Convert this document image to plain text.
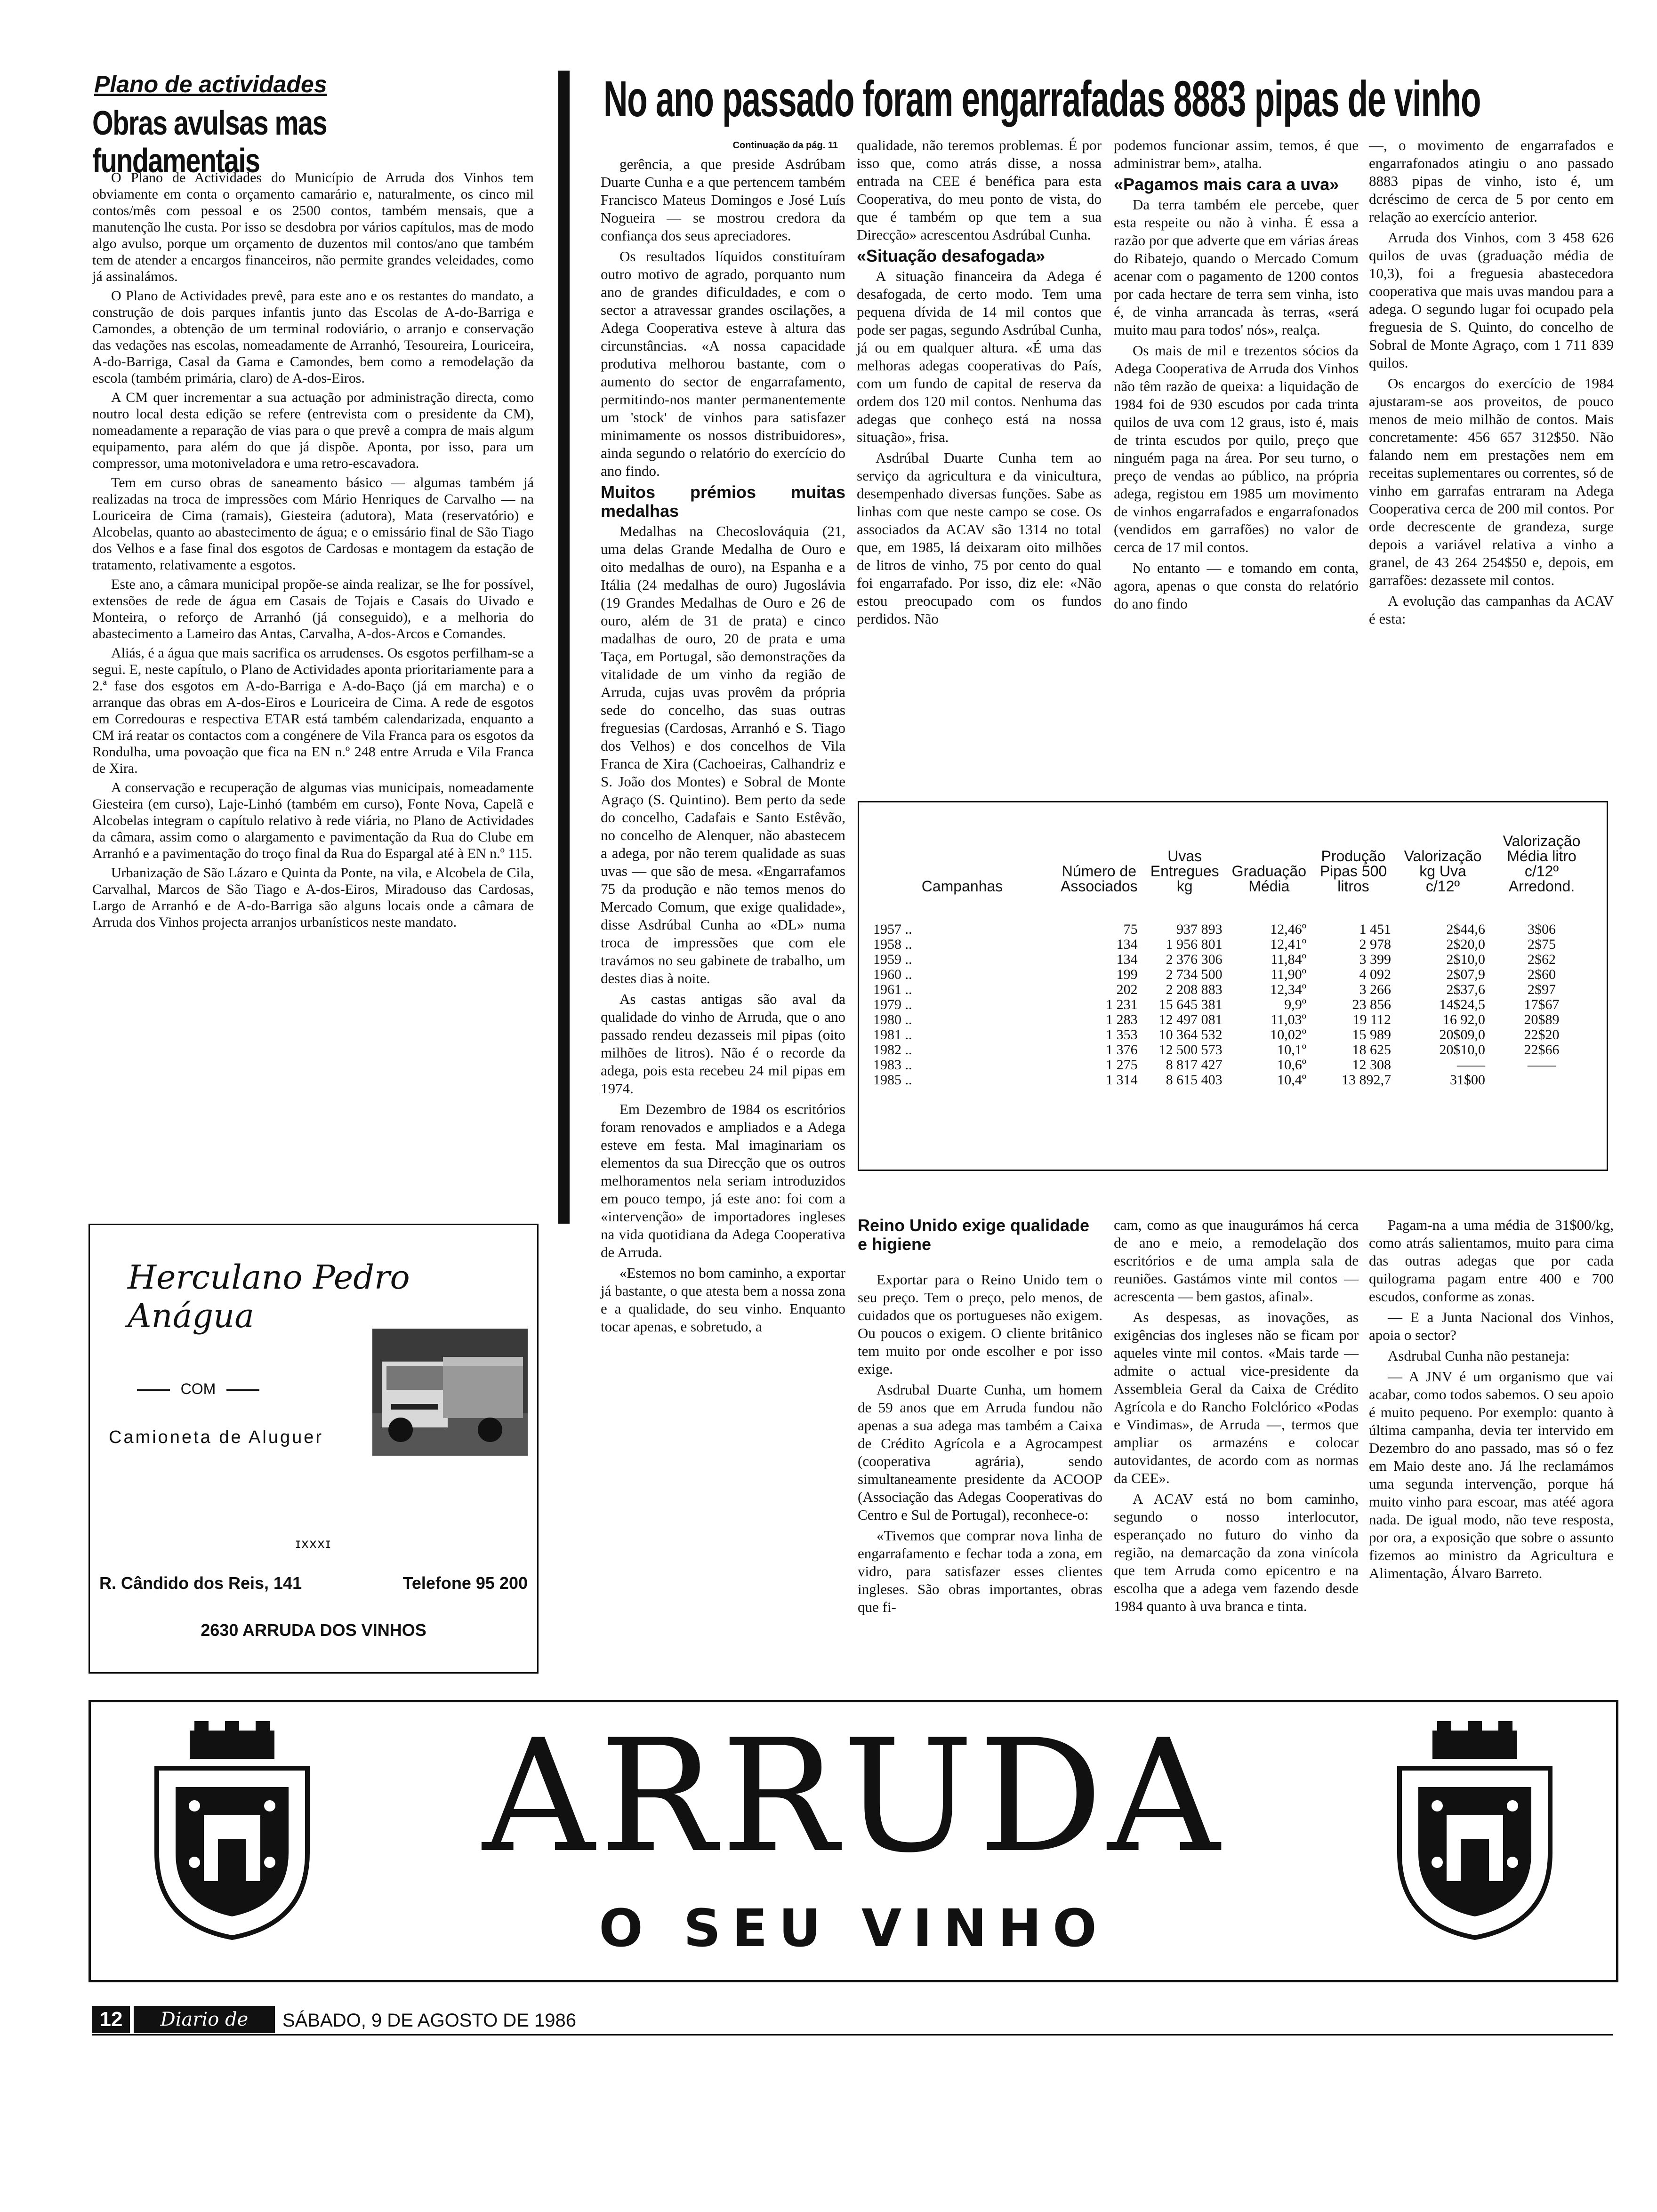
Plano de actividades
Obras avulsas mas fundamentais

O Plano de Actividades do Município de Arruda dos Vinhos tem obviamente em conta o orçamento camarário e, naturalmente, os cinco mil contos/mês com pessoal e os 2500 contos, também mensais, que a manutenção lhe custa. Por isso se desdobra por vários capítulos, mas de modo algo avulso, porque um orçamento de duzentos mil contos/ano que também tem de atender a encargos financeiros, não permite grandes veleidades, como já assinalámos.

O Plano de Actividades prevê, para este ano e os restantes do mandato, a construção de dois parques infantis junto das Escolas de A-do-Barriga e Camondes, a obtenção de um terminal rodoviário, o arranjo e conservação das vedações nas escolas, nomeadamente de Arranhó, Tesoureira, Louriceira, A-do-Barriga, Casal da Gama e Camondes, bem como a remodelação da escola (também primária, claro) de A-dos-Eiros.

A CM quer incrementar a sua actuação por administração directa, como noutro local desta edição se refere (entrevista com o presidente da CM), nomeadamente a reparação de vias para o que prevê a compra de mais algum equipamento, para além do que já dispõe. Aponta, por isso, para um compressor, uma motoniveladora e uma retro-escavadora.

Tem em curso obras de saneamento básico — algumas também já realizadas na troca de impressões com Mário Henriques de Carvalho — na Louriceira de Cima (ramais), Giesteira (adutora), Mata (reservatório) e Alcobelas, quanto ao abastecimento de água; e o emissário final de São Tiago dos Velhos e a fase final dos esgotos de Cardosas e montagem da estação de tratamento, relativamente a esgotos.

Este ano, a câmara municipal propõe-se ainda realizar, se lhe for possível, extensões de rede de água em Casais de Tojais e Casais do Uivado e Monteira, o reforço de Arranhó (já conseguido), e a melhoria do abastecimento a Lameiro das Antas, Carvalha, A-dos-Arcos e Comandes.

Aliás, é a água que mais sacrifica os arrudenses. Os esgotos perfilham-se a segui. E, neste capítulo, o Plano de Actividades aponta prioritariamente para a 2.ª fase dos esgotos em A-do-Barriga e A-do-Baço (já em marcha) e o arranque das obras em A-dos-Eiros e Louriceira de Cima. A rede de esgotos em Corredouras e respectiva ETAR está também calendarizada, enquanto a CM irá reatar os contactos com a congénere de Vila Franca para os esgotos da Rondulha, uma povoação que fica na EN n.º 248 entre Arruda e Vila Franca de Xira.

A conservação e recuperação de algumas vias municipais, nomeadamente Giesteira (em curso), Laje-Linhó (também em curso), Fonte Nova, Capelã e Alcobelas integram o capítulo relativo à rede viária, no Plano de Actividades da câmara, assim como o alargamento e pavimentação da Rua do Clube em Arranhó e a pavimentação do troço final da Rua do Espargal até à EN n.º 115.

Urbanização de São Lázaro e Quinta da Ponte, na vila, e Alcobela de Cila, Carvalhal, Marcos de São Tiago e A-dos-Eiros, Miradouso das Cardosas, Largo de Arranhó e de A-do-Barriga são alguns locais onde a câmara de Arruda dos Vinhos projecta arranjos urbanísticos neste mandato.

Herculano Pedro Anágua
COM
Camioneta de Aluguer
ɪxxxɪ
R. Cândido dos Reis, 141	Telefone 95 200
2630 ARRUDA DOS VINHOS
No ano passado foram engarrafadas 8883 pipas de vinho
Continuação da pág. 11

gerência, a que preside Asdrúbam Duarte Cunha e a que pertencem também Francisco Mateus Domingos e José Luís Nogueira — se mostrou credora da confiança dos seus apreciadores.

Os resultados líquidos constituíram outro motivo de agrado, porquanto num ano de grandes dificuldades, e com o sector a atravessar grandes oscilações, a Adega Cooperativa esteve à altura das circunstâncias. «A nossa capacidade produtiva melhorou bastante, com o aumento do sector de engarrafamento, permitindo-nos manter permanentemente um 'stock' de vinhos para satisfazer minimamente os nossos distribuidores», ainda segundo o relatório do exercício do ano findo.

Muitos prémios muitas medalhas

Medalhas na Checoslováquia (21, uma delas Grande Medalha de Ouro e oito medalhas de ouro), na Espanha e a Itália (24 medalhas de ouro) Jugoslávia (19 Grandes Medalhas de Ouro e 26 de ouro, além de 31 de prata) e cinco madalhas de ouro, 20 de prata e uma Taça, em Portugal, são demonstrações da vitalidade de um vinho da região de Arruda, cujas uvas provêm da própria sede do concelho, das suas outras freguesias (Cardosas, Arranhó e S. Tiago dos Velhos) e dos concelhos de Vila Franca de Xira (Cachoeiras, Calhandriz e S. João dos Montes) e Sobral de Monte Agraço (S. Quintino). Bem perto da sede do concelho, Cadafais e Santo Estêvão, no concelho de Alenquer, não abastecem a adega, por não terem qualidade as suas uvas — que são de mesa. «Engarrafamos 75 da produção e não temos menos do Mercado Comum, que exige qualidade», disse Asdrúbal Cunha ao «DL» numa troca de impressões que com ele travámos no seu gabinete de trabalho, um destes dias à noite.

As castas antigas são aval da qualidade do vinho de Arruda, que o ano passado rendeu dezasseis mil pipas (oito milhões de litros). Não é o recorde da adega, pois esta recebeu 24 mil pipas em 1974.

Em Dezembro de 1984 os escritórios foram renovados e ampliados e a Adega esteve em festa. Mal imaginariam os elementos da sua Direcção que os outros melhoramentos nela seriam introduzidos em pouco tempo, já este ano: foi com a «intervenção» de importadores ingleses na vida quotidiana da Adega Cooperativa de Arruda.

«Estemos no bom caminho, a exportar já bastante, o que atesta bem a nossa zona e a qualidade, do seu vinho. Enquanto tocar apenas, e sobretudo, a

qualidade, não teremos problemas. É por isso que, como atrás disse, a nossa entrada na CEE é benéfica para esta Cooperativa, do meu ponto de vista, do que é também op que tem a sua Direcção» acrescentou Asdrúbal Cunha.

«Situação desafogada»

A situação financeira da Adega é desafogada, de certo modo. Tem uma pequena dívida de 14 mil contos que pode ser pagas, segundo Asdrúbal Cunha, já ou em qualquer altura. «É uma das melhoras adegas cooperativas do País, com um fundo de capital de reserva da ordem dos 120 mil contos. Nenhuma das adegas que conheço está na nossa situação», frisa.

Asdrúbal Duarte Cunha tem ao serviço da agricultura e da vinicultura, desempenhado diversas funções. Sabe as linhas com que neste campo se cose. Os associados da ACAV são 1314 no total que, em 1985, lá deixaram oito milhões de litros de vinho, 75 por cento do qual foi engarrafado. Por isso, diz ele: «Não estou preocupado com os fundos perdidos. Não

podemos funcionar assim, temos, é que administrar bem», atalha.

«Pagamos mais cara a uva»

Da terra também ele percebe, quer esta respeite ou não à vinha. É essa a razão por que adverte que em várias áreas do Ribatejo, quando o Mercado Comum acenar com o pagamento de 1200 contos por cada hectare de terra sem vinha, isto é, de vinha arrancada às terras, «será muito mau para todos' nós», realça.

Os mais de mil e trezentos sócios da Adega Cooperativa de Arruda dos Vinhos não têm razão de queixa: a liquidação de 1984 foi de 930 escudos por cada trinta quilos de uva com 12 graus, isto é, mais de trinta escudos por quilo, preço que ninguém paga na área. Por seu turno, o preço de vendas ao público, na própria adega, registou em 1985 um movimento de vinhos engarrafados e engarrafonados (vendidos em garrafões) no valor de cerca de 17 mil contos.

No entanto — e tomando em conta, agora, apenas o que consta do relatório do ano findo

—, o movimento de engarrafados e engarrafonados atingiu o ano passado 8883 pipas de vinho, isto é, um dcréscimo de cerca de 5 por cento em relação ao exercício anterior.

Arruda dos Vinhos, com 3 458 626 quilos de uvas (graduação média de 10,3), foi a freguesia abastecedora cooperativa que mais uvas mandou para a adega. O segundo lugar foi ocupado pela freguesia de S. Quinto, do concelho de Sobral de Monte Agraço, com 1 711 839 quilos.

Os encargos do exercício de 1984 ajustaram-se aos proveitos, de pouco menos de meio milhão de contos. Mais concretamente: 456 657 312$50. Não falando nem em prestações nem em receitas suplementares ou correntes, só de vinho em garrafas entraram na Adega Cooperativa cerca de 200 mil contos. Por orde decrescente de grandeza, surge depois a variável relativa a vinho a granel, de 43 264 254$50 e, depois, em garrafões: dezassete mil contos.

A evolução das campanhas da ACAV é esta:

Campanhas	Número de Associados	Uvas Entregues kg	Graduação Média	Produção Pipas 500 litros	Valorização kg Uva c/12º	Valorização Média litro c/12º Arredond.

1957 ..	75	937 893	12,46º	1 451	2$44,6	3$06
1958 ..	134	1 956 801	12,41º	2 978	2$20,0	2$75
1959 ..	134	2 376 306	11,84º	3 399	2$10,0	2$62
1960 ..	199	2 734 500	11,90º	4 092	2$07,9	2$60
1961 ..	202	2 208 883	12,34º	3 266	2$37,6	2$97
1979 ..	1 231	15 645 381	9,9º	23 856	14$24,5	17$67
1980 ..	1 283	12 497 081	11,03º	19 112	16 92,0	20$89
1981 ..	1 353	10 364 532	10,02º	15 989	20$09,0	22$20
1982 ..	1 376	12 500 573	10,1º	18 625	20$10,0	22$66
1983 ..	1 275	8 817 427	10,6º	12 308	——	——
1985 ..	1 314	8 615 403	10,4º	13 892,7	31$00	
Reino Unido exige qualidade e higiene

Exportar para o Reino Unido tem o seu preço. Tem o preço, pelo menos, de cuidados que os portugueses não exigem. Ou poucos o exigem. O cliente britânico tem muito por onde escolher e por isso exige.

Asdrubal Duarte Cunha, um homem de 59 anos que em Arruda fundou não apenas a sua adega mas também a Caixa de Crédito Agrícola e a Agrocampest (cooperativa agrária), sendo simultaneamente presidente da ACOOP (Associação das Adegas Cooperativas do Centro e Sul de Portugal), reconhece-o:

«Tivemos que comprar nova linha de engarrafamento e fechar toda a zona, em vidro, para satisfazer esses clientes ingleses. São obras importantes, obras que fi-

cam, como as que inaugurámos há cerca de ano e meio, a remodelação dos escritórios e de uma ampla sala de reuniões. Gastámos vinte mil contos — acrescenta — bem gastos, afinal».

As despesas, as inovações, as exigências dos ingleses não se ficam por aqueles vinte mil contos. «Mais tarde — admite o actual vice-presidente da Assembleia Geral da Caixa de Crédito Agrícola e do Rancho Folclórico «Podas e Vindimas», de Arruda —, termos que ampliar os armazéns e colocar autovidantes, de acordo com as normas da CEE».

A ACAV está no bom caminho, segundo o nosso interlocutor, esperançado no futuro do vinho da região, na demarcação da zona vinícola que tem Arruda como epicentro e na escolha que a adega vem fazendo desde 1984 quanto à uva branca e tinta.

Pagam-na a uma média de 31$00/kg, como atrás salientamos, muito para cima das outras adegas que por cada quilograma pagam entre 400 e 700 escudos, conforme as zonas.

— E a Junta Nacional dos Vinhos, apoia o sector?

Asdrubal Cunha não pestaneja:

— A JNV é um organismo que vai acabar, como todos sabemos. O seu apoio é muito pequeno. Por exemplo: quanto à última campanha, devia ter intervido em Dezembro do ano passado, mas só o fez em Maio deste ano. Já lhe reclamámos uma segunda intervenção, porque há muito vinho para escoar, mas atéé agora nada. De igual modo, não teve resposta, por ora, a exposição que sobre o assunto fizemos ao ministro da Agricultura e Alimentação, Álvaro Barreto.

ARRUDA
O SEU VINHO
12	Diario de Lisboa
SÁBADO, 9 DE AGOSTO DE 1986
